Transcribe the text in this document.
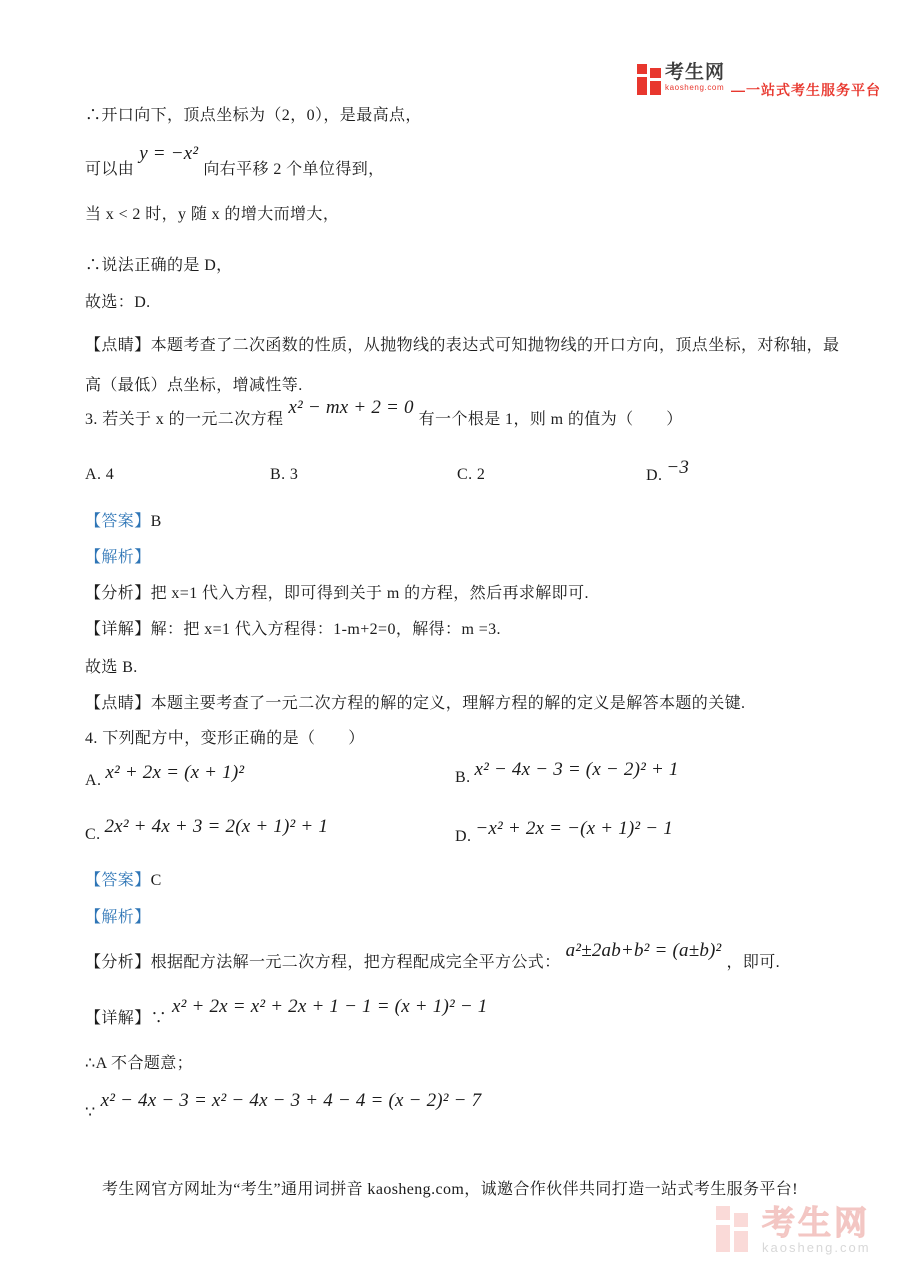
考生网
kaosheng.com —一站式考生服务平台
∴开口向下，顶点坐标为（2，0），是最高点，
可以由y = −x²向右平移 2 个单位得到，
当 x < 2 时，y 随 x 的增大而增大，
∴说法正确的是 D，
故选：D.
【点睛】本题考查了二次函数的性质，从抛物线的表达式可知抛物线的开口方向，顶点坐标，对称轴，最
高（最低）点坐标，增减性等.
3. 若关于 x 的一元二次方程x² − mx + 2 = 0有一个根是 1，则 m 的值为（　　）
A. 4	B. 3	C. 2	D. −3
【答案】B
【解析】
【分析】把 x=1 代入方程，即可得到关于 m 的方程，然后再求解即可.
【详解】解：把 x=1 代入方程得：1-m+2=0，解得：m =3.
故选 B.
【点睛】本题主要考查了一元二次方程的解的定义，理解方程的解的定义是解答本题的关键.
4. 下列配方中，变形正确的是（　　）
A. x² + 2x = (x + 1)²	B. x² − 4x − 3 = (x − 2)² + 1
C. 2x² + 4x + 3 = 2(x + 1)² + 1	D. −x² + 2x = −(x + 1)² − 1
【答案】C
【解析】
【分析】根据配方法解一元二次方程，把方程配成完全平方公式：a²±2ab+b² = (a±b)²，即可.
【详解】∵x² + 2x = x² + 2x + 1 − 1 = (x + 1)² − 1
∴A 不合题意；
∵x² − 4x − 3 = x² − 4x − 3 + 4 − 4 = (x − 2)² − 7
考生网官方网址为“考生”通用词拼音 kaosheng.com，诚邀合作伙伴共同打造一站式考生服务平台!
考生网
kaosheng.com
